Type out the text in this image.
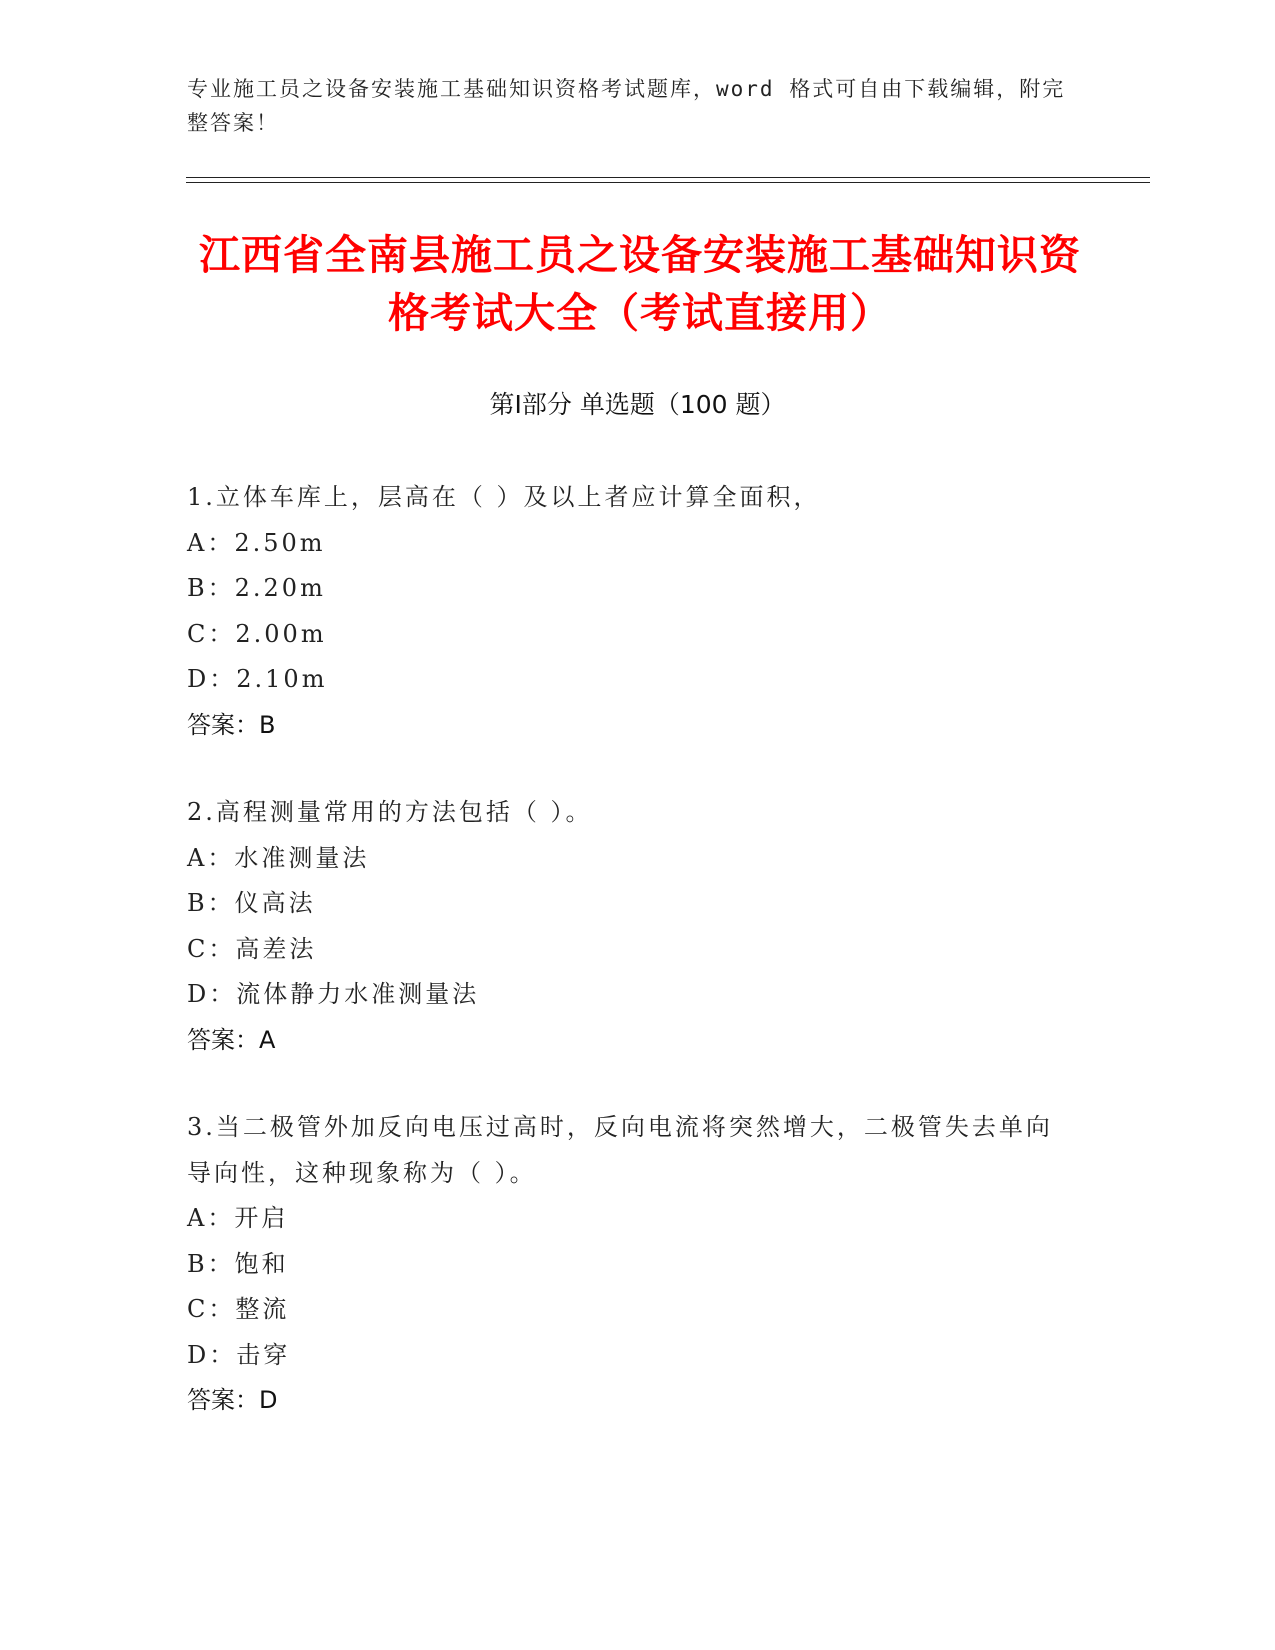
专业施工员之设备安装施工基础知识资格考试题库，word 格式可自由下载编辑，附完整答案！
江西省全南县施工员之设备安装施工基础知识资格考试大全（考试直接用）
第Ⅰ部分 单选题（100 题）

1.立体车库上，层高在（ ）及以上者应计算全面积，

A：2.50m

B：2.20m

C：2.00m

D：2.10m

答案：B

2.高程测量常用的方法包括（ ）。

A：水准测量法

B：仪高法

C：高差法

D：流体静力水准测量法

答案：A

3.当二极管外加反向电压过高时，反向电流将突然增大，二极管失去单向导向性，这种现象称为（ ）。

A：开启

B：饱和

C：整流

D：击穿

答案：D
